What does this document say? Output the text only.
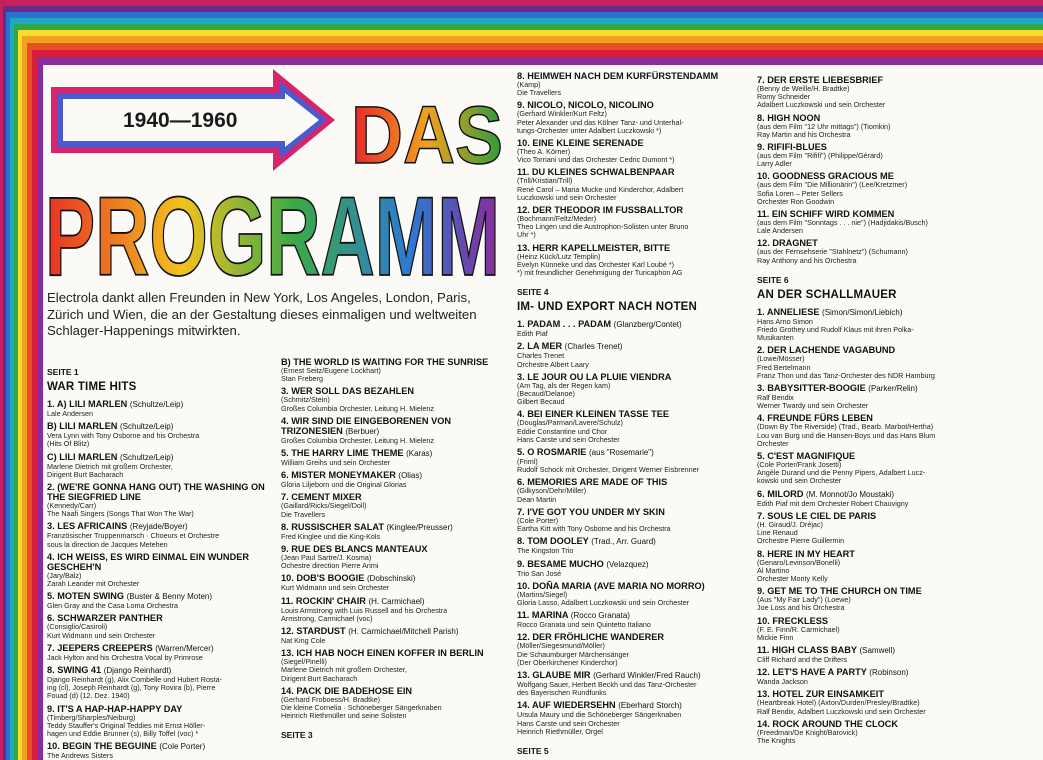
1940—1960 DAS
PROGRAMM
Electrola dankt allen Freunden in New York, Los Angeles, London, Paris, Zürich und Wien, die an der Gestaltung dieses einmaligen und weltweiten Schlager-Happenings mitwirkten.
SEITE 1
WAR TIME HITS
1. A) LILI MARLEN (Schultze/Leip)
Lale Andersen
B) LILI MARLEN (Schultze/Leip)
Vera Lynn with Tony Osborne and his Orchestra
(Hits Of Blitz)
C) LILI MARLEN (Schultze/Leip)
Marlene Dietrich mit großem Orchester,
Dirigent Burt Bacharach
2. (WE'RE GONNA HANG OUT) THE WASHING ON THE SIEGFRIED LINE
(Kennedy/Carr)
The Naafi Singers (Songs That Won The War)
3. LES AFRICAINS (Reyjade/Boyer)
Französischer Truppenmarsch · Choeurs et Orchestre
sous la direction de Jacques Metehen
4. ICH WEISS, ES WIRD EINMAL EIN WUNDER GESCHEH'N
(Jary/Balz)
Zarah Leander mit Orchester
5. MOTEN SWING (Buster & Benny Moten)
Glen Gray and the Casa Loma Orchestra
6. SCHWARZER PANTHER
(Consiglio/Casiroli)
Kurt Widmann und sein Orchester
7. JEEPERS CREEPERS (Warren/Mercer)
Jack Hylton and his Orchestra Vocal by Primrose
8. SWING 41 (Django Reinhardt)
Django Reinhardt (g), Alix Combelle und Hubert Rosta-
ing (cl), Joseph Reinhardt (g), Tony Rovira (b), Pierre
Fouad (d) (12. Dez. 1940)
9. IT'S A HAP-HAP-HAPPY DAY
(Timberg/Sharples/Neiburg)
Teddy Stauffer's Original Teddies mit Ernst Höller-
hagen und Eddie Brunner (s), Billy Toffel (voc) *
10. BEGIN THE BEGUINE (Cole Porter)
The Andrews Sisters
B) THE WORLD IS WAITING FOR THE SUNRISE
(Ernest Seitz/Eugene Lockhart)
Stan Freberg
3. WER SOLL DAS BEZAHLEN
(Schmitz/Stein)
Großes Columbia Orchester, Leitung H. Mielenz
4. WIR SIND DIE EINGEBORENEN VON TRIZONESIEN (Berbuer)
Großes Columbia Orchester, Leitung H. Mielenz
5. THE HARRY LIME THEME (Karas)
William Greihs und sein Orchester
6. MISTER MONEYMAKER (Olias)
Gloria Liljeborn und die Original Glorias
7. CEMENT MIXER
(Gaillard/Ricks/Siegel/Doll)
Die Travellers
8. RUSSISCHER SALAT (Kinglee/Preusser)
Fred Kinglee und die King-Kols
9. RUE DES BLANCS MANTEAUX
(Jean Paul Sartre/J. Kosma)
Ochestre direction Pierre Arimi
10. DOB'S BOOGIE (Dobschinski)
Kurt Widmann und sein Orchester
11. ROCKIN' CHAIR (H. Carmichael)
Louis Armstrong with Luis Russell and his Orchestra
Armstrong, Carmichael (voc)
12. STARDUST (H. Carmichael/Mitchell Parish)
Nat King Cole
13. ICH HAB NOCH EINEN KOFFER IN BERLIN
(Siegel/Pinelli)
Marlene Dietrich mit großem Orchester,
Dirigent Burt Bacharach
14. PACK DIE BADEHOSE EIN
(Gerhard Froboess/H. Bradtke)
Die kleine Cornelia · Schöneberger Sängerknaben
Heinrich Riethmüller und seine Solisten
SEITE 3
8. HEIMWEH NACH DEM KURFÜRSTENDAMM
(Kamp)
Die Travellers
9. NICOLO, NICOLO, NICOLINO
(Gerhard Winkler/Kurt Feltz)
Peter Alexander und das Kölner Tanz- und Unterhal-
tungs-Orchester unter Adalbert Luczkowski *)
10. EINE KLEINE SERENADE
(Theo A. Körner)
Vico Torriani und das Orchester Cedric Dumont *)
11. DU KLEINES SCHWALBENPAAR
(Trill/Kristian/Trill)
René Carol – Maria Mucke und Kinderchor, Adalbert
Luczkowski und sein Orchester
12. DER THEODOR IM FUSSBALLTOR
(Bochmann/Feltz/Meder)
Theo Lingen und die Austrophon-Solisten unter Bruno
Uhr *)
13. HERR KAPELLMEISTER, BITTE
(Heinz Kück/Lutz Templin)
Evelyn Künneke und das Orchester Karl Loubé *)
*) mit freundlicher Genehmigung der Turicaphon AG
SEITE 4
IM- UND EXPORT NACH NOTEN
1. PADAM . . . PADAM (Glanzberg/Contet)
Edith Piaf
2. LA MER (Charles Trenet)
Charles Trenet
Orchestre Albert Laary
3. LE JOUR OU LA PLUIE VIENDRA
(Am Tag, als der Regen kam)
(Becaud/Delanoe)
Gilbert Becaud
4. BEI EINER KLEINEN TASSE TEE
(Douglas/Parman/Lavere/Schulz)
Eddie Constantine und Chor
Hans Carste und sein Orchester
5. O ROSMARIE (aus "Rosemarie")
(Friml)
Rudolf Schock mit Orchester, Dirigent Werner Eisbrenner
6. MEMORIES ARE MADE OF THIS
(Gilkyson/Dehr/Miller)
Dean Martin
7. I'VE GOT YOU UNDER MY SKIN
(Cole Porter)
Eartha Kitt with Tony Osborne and his Orchestra
8. TOM DOOLEY (Trad., Arr. Guard)
The Kingston Trio
9. BESAME MUCHO (Velazquez)
Trio San José
10. DOÑA MARIA (AVE MARIA NO MORRO)
(Martins/Siegel)
Gloria Lasso, Adalbert Luczkowski und sein Orchester
11. MARINA (Rocco Granata)
Rocco Granata und sein Quintetto Italiano
12. DER FRÖHLICHE WANDERER
(Möller/Siegesmund/Möller)
Die Schaumburger Märchensänger
(Der Oberkirchener Kinderchor)
13. GLAUBE MIR (Gerhard Winkler/Fred Rauch)
Wolfgang Sauer, Herbert Beckh und das Tanz-Orchester
des Bayerischen Rundfunks
14. AUF WIEDERSEHN (Eberhard Storch)
Ursula Maury und die Schöneberger Sängerknaben
Hans Carste und sein Orchester
Heinrich Riethmüller, Orgel
SEITE 5
7. DER ERSTE LIEBESBRIEF
(Benny de Weille/H. Bradtke)
Romy Schneider
Adalbert Luczkowski und sein Orchester
8. HIGH NOON
(aus dem Film "12 Uhr mittags") (Tiomkin)
Ray Martin and his Orchestra
9. RIFIFI-BLUES
(aus dem Film "Rififi") (Philippe/Gérard)
Larry Adler
10. GOODNESS GRACIOUS ME
(aus dem Film "Die Millionärin") (Lee/Kretzmer)
Sofia Loren – Peter Sellers
Orchester Ron Goodwin
11. EIN SCHIFF WIRD KOMMEN
(aus dem Film "Sonntags . . . nie") (Hadjidakis/Busch)
Lale Andersen
12. DRAGNET
(aus der Fernsehserie "Stahlnetz") (Schumann)
Ray Anthony and his Orchestra
SEITE 6
AN DER SCHALLMAUER
1. ANNELIESE (Simon/Simon/Liebich)
Hans Arno Simon
Friedo Grothey und Rudolf Klaus mit ihren Polka-
Musikanten
2. DER LACHENDE VAGABUND
(Lowe/Mösser)
Fred Bertelmann
Franz Thon und das Tanz-Orchester des NDR Hamburg
3. BABYSITTER-BOOGIE (Parker/Relin)
Ralf Bendix
Werner Twardy und sein Orchester
4. FREUNDE FÜRS LEBEN
(Down By The Riverside) (Trad., Bearb. Marbot/Hertha)
Lou van Burg und die Hansen-Boys und das Hans Blum
Orchester
5. C'EST MAGNIFIQUE
(Cole Porter/Frank Josetti)
Angèle Durand und die Penny Pipers, Adalbert Lucz-
kowski und sein Orchester
6. MILORD (M. Monnot/Jo Moustaki)
Edith Piaf mit dem Orchester Robert Chauvigny
7. SOUS LE CIEL DE PARIS
(H. Giraud/J. Dréjac)
Line Renaud
Orchestre Pierre Guillermin
8. HERE IN MY HEART
(Genaro/Levinson/Bonelli)
Al Martino
Orchester Monty Kelly
9. GET ME TO THE CHURCH ON TIME
(Aus "My Fair Lady") (Loewe)
Joe Loss and his Orchestra
10. FRECKLESS
(F. E. Finn/R. Carmichael)
Mickie Finn
11. HIGH CLASS BABY (Samwell)
Cliff Richard and the Drifters
12. LET'S HAVE A PARTY (Robinson)
Wanda Jackson
13. HOTEL ZUR EINSAMKEIT
(Heartbreak Hotel) (Axton/Durden/Presley/Bradtke)
Ralf Bendix, Adalbert Luczkowski und sein Orchester
14. ROCK AROUND THE CLOCK
(Freedman/De Knight/Barovick)
The Knights
